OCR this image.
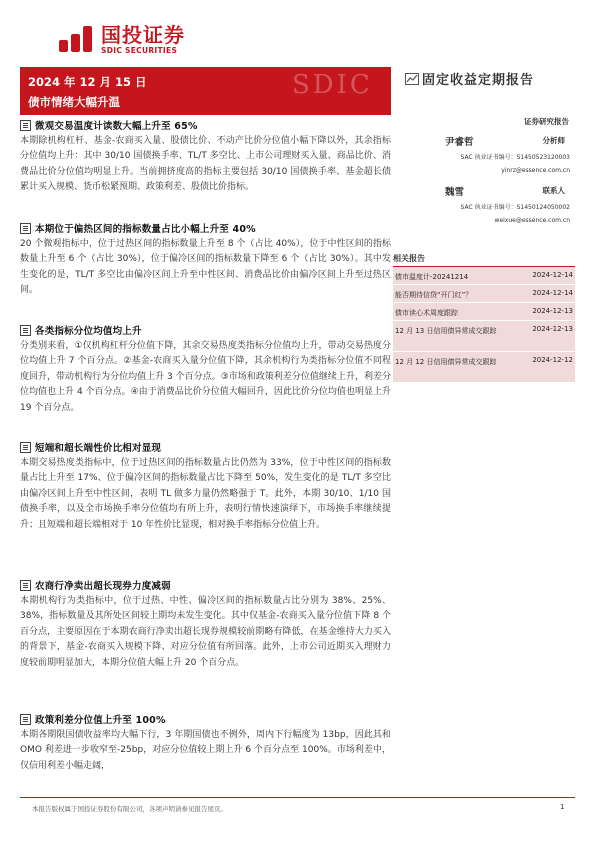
国投证券
SDIC SECURITIES
SDIC
2024 年 12 月 15 日
债市情绪大幅升温
固定收益定期报告
证券研究报告
尹睿哲	分析师
SAC 执业证书编号：S1450523120003
yinrz@essence.com.cn
魏雪	联系人
SAC 执业证书编号：S1450124050002
weixue@essence.com.cn
相关报告
债市温度计-20241214	2024-12-14
能否期待信贷“开门红”？	2024-12-14
债市读心术周度跟踪	2024-12-13
12 月 13 日信用债异常成交跟踪	2024-12-13
12 月 12 日信用债异常成交跟踪	2024-12-12
微观交易温度计读数大幅上升至 65%
本期除机构杠杆、基金-农商买入量、股债比价、不动产比价分位值小幅下降以外，其余指标分位值均上升：其中 30/10 国债换手率、TL/T 多空比、上市公司理财买入量、商品比价、消费品比价分位值均明显上升。当前拥挤度高的指标主要包括 30/10 国债换手率、基金超长债累计买入规模、货币松紧预期、政策利差、股债比价指标。
本期位于偏热区间的指标数量占比小幅上升至 40%
20 个微观指标中，位于过热区间的指标数量上升至 8 个（占比 40%），位于中性区间的指标数量上升至 6 个（占比 30%），位于偏冷区间的指标数量下降至 6 个（占比 30%）。其中发生变化的是，TL/T 多空比由偏冷区间上升至中性区间、消费品比价由偏冷区间上升至过热区间。
各类指标分位均值均上升
分类别来看，①仅机构杠杆分位值下降，其余交易热度类指标分位值均上升，带动交易热度分位均值上升 7 个百分点。②基金-农商买入量分位值下降，其余机构行为类指标分位值不同程度回升，带动机构行为分位均值上升 3 个百分点。③市场和政策利差分位值继续上升，利差分位均值也上升 4 个百分点。④由于消费品比价分位值大幅回升，因此比价分位均值也明显上升 19 个百分点。
短端和超长端性价比相对显现
本期交易热度类指标中，位于过热区间的指标数量占比仍然为 33%，位于中性区间的指标数量占比上升至 17%、位于偏冷区间的指标数量占比下降至 50%，发生变化的是 TL/T 多空比由偏冷区间上升至中性区间，表明 TL 做多力量仍然略强于 T。此外，本期 30/10、1/10 国债换手率，以及全市场换手率分位值均有所上升，表明行情快速演绎下，市场换手率继续提升；且短端和超长端相对于 10 年性价比显现，相对换手率指标分位值上升。
农商行净卖出超长现券力度减弱
本期机构行为类指标中，位于过热、中性、偏冷区间的指标数量占比分别为 38%、25%、38%，指标数量及其所处区间较上期均未发生变化。其中仅基金-农商买入量分位值下降 8 个百分点，主要原因在于本期农商行净卖出超长现券规模较前期略有降低，在基金维持大力买入的背景下，基金-农商买入规模下降、对应分位值有所回落。此外，上市公司近期买入理财力度较前期明显加大，本期分位值大幅上升 20 个百分点。
政策利差分位值上升至 100%
本期各期限国债收益率均大幅下行，3 年期国债也不例外，周内下行幅度为 13bp，因此其和 OMO 利差进一步收窄至-25bp，对应分位值较上期上升 6 个百分点至 100%。市场利差中，仅信用利差小幅走阔，
本报告版权属于国投证券股份有限公司，各项声明请参见报告尾页。	1
